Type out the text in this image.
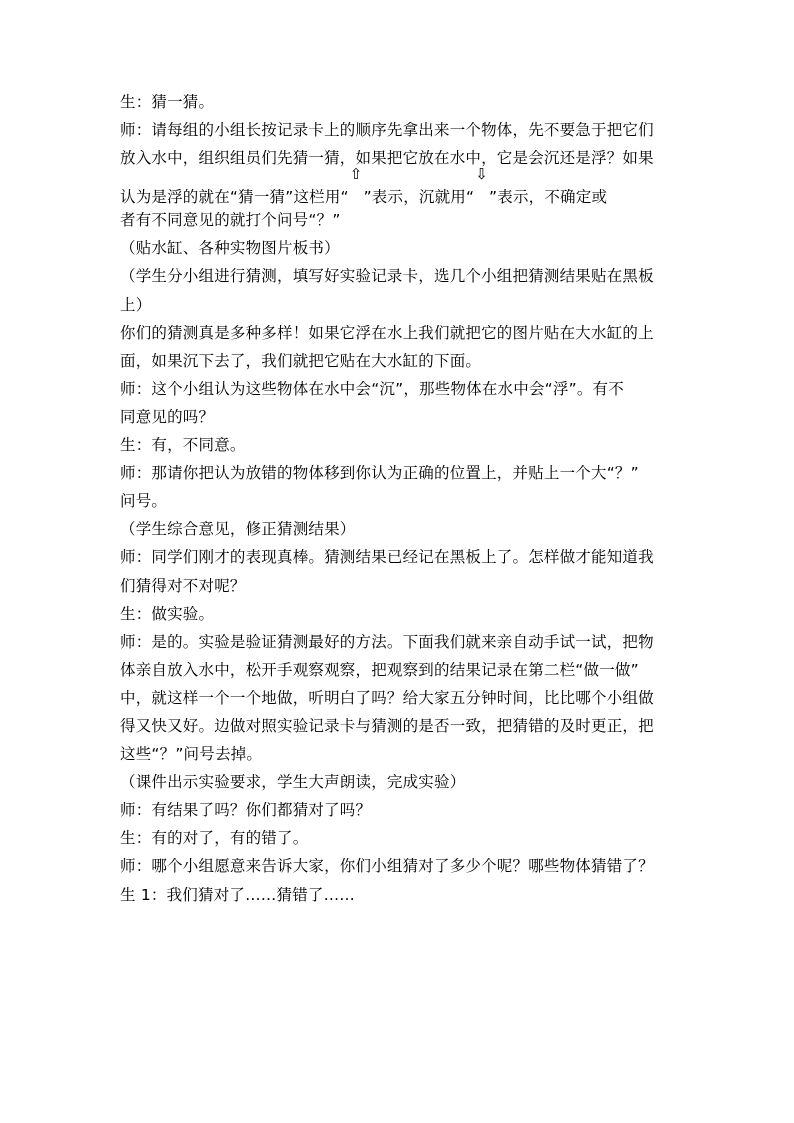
生：猜一猜。
师：请每组的小组长按记录卡上的顺序先拿出来一个物体，先不要急于把它们
放入水中，组织组员们先猜一猜，如果把它放在水中，它是会沉还是浮？如果
认为是浮的就在“猜一猜”这栏用“⇧”表示，沉就用“⇩”表示，不确定或
者有不同意见的就打个问号“？”
（贴水缸、各种实物图片板书）
（学生分小组进行猜测，填写好实验记录卡，选几个小组把猜测结果贴在黑板
上）
你们的猜测真是多种多样！如果它浮在水上我们就把它的图片贴在大水缸的上
面，如果沉下去了，我们就把它贴在大水缸的下面。
师：这个小组认为这些物体在水中会“沉”，那些物体在水中会“浮”。有不
同意见的吗？
生：有，不同意。
师：那请你把认为放错的物体移到你认为正确的位置上，并贴上一个大“？”
问号。
（学生综合意见，修正猜测结果）
师：同学们刚才的表现真棒。猜测结果已经记在黑板上了。怎样做才能知道我
们猜得对不对呢？
生：做实验。
师：是的。实验是验证猜测最好的方法。下面我们就来亲自动手试一试，把物
体亲自放入水中，松开手观察观察，把观察到的结果记录在第二栏“做一做”
中，就这样一个一个地做，听明白了吗？给大家五分钟时间，比比哪个小组做
得又快又好。边做对照实验记录卡与猜测的是否一致，把猜错的及时更正，把
这些“？”问号去掉。
（课件出示实验要求，学生大声朗读，完成实验）
师：有结果了吗？你们都猜对了吗？
生：有的对了，有的错了。
师：哪个小组愿意来告诉大家，你们小组猜对了多少个呢？哪些物体猜错了？
生 1：我们猜对了……猜错了……
